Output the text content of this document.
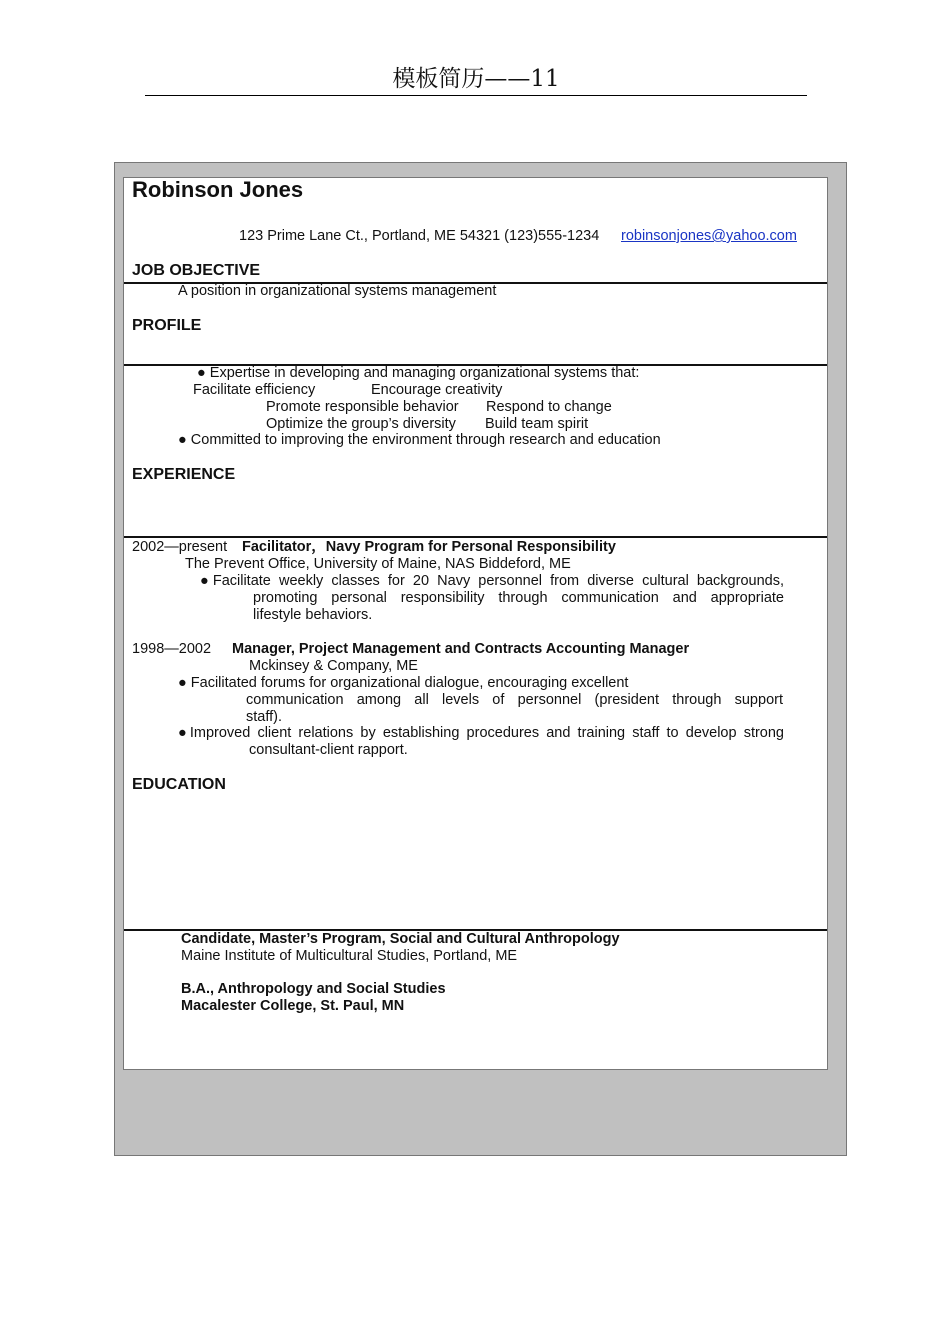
模板简历——11
Robinson Jones
123 Prime Lane Ct., Portland, ME 54321 (123)555-1234 robinsonjones@yahoo.com
JOB OBJECTIVE
A position in organizational systems management
PROFILE
● Expertise in developing and managing organizational systems that:
Facilitate efficiency	Encourage creativity
Promote responsible behavior Respond to change
Optimize the group’s diversity Build team spirit
● Committed to improving the environment through research and education
EXPERIENCE
2002—present Facilitator，Navy Program for Personal Responsibility
The Prevent Office, University of Maine, NAS Biddeford, ME
●Facilitate weekly classes for 20 Navy personnel from diverse cultural backgrounds,
promoting personal responsibility through communication and appropriate
lifestyle behaviors.
1998—2002 Manager, Project Management and Contracts Accounting Manager
Mckinsey & Company, ME
● Facilitated forums for organizational dialogue, encouraging excellent
communication among all levels of personnel (president through support
staff).
●Improved client relations by establishing procedures and training staff to develop strong
consultant-client rapport.
EDUCATION
Candidate, Master’s Program, Social and Cultural Anthropology
Maine Institute of Multicultural Studies, Portland, ME
B.A., Anthropology and Social Studies
Macalester College, St. Paul, MN
